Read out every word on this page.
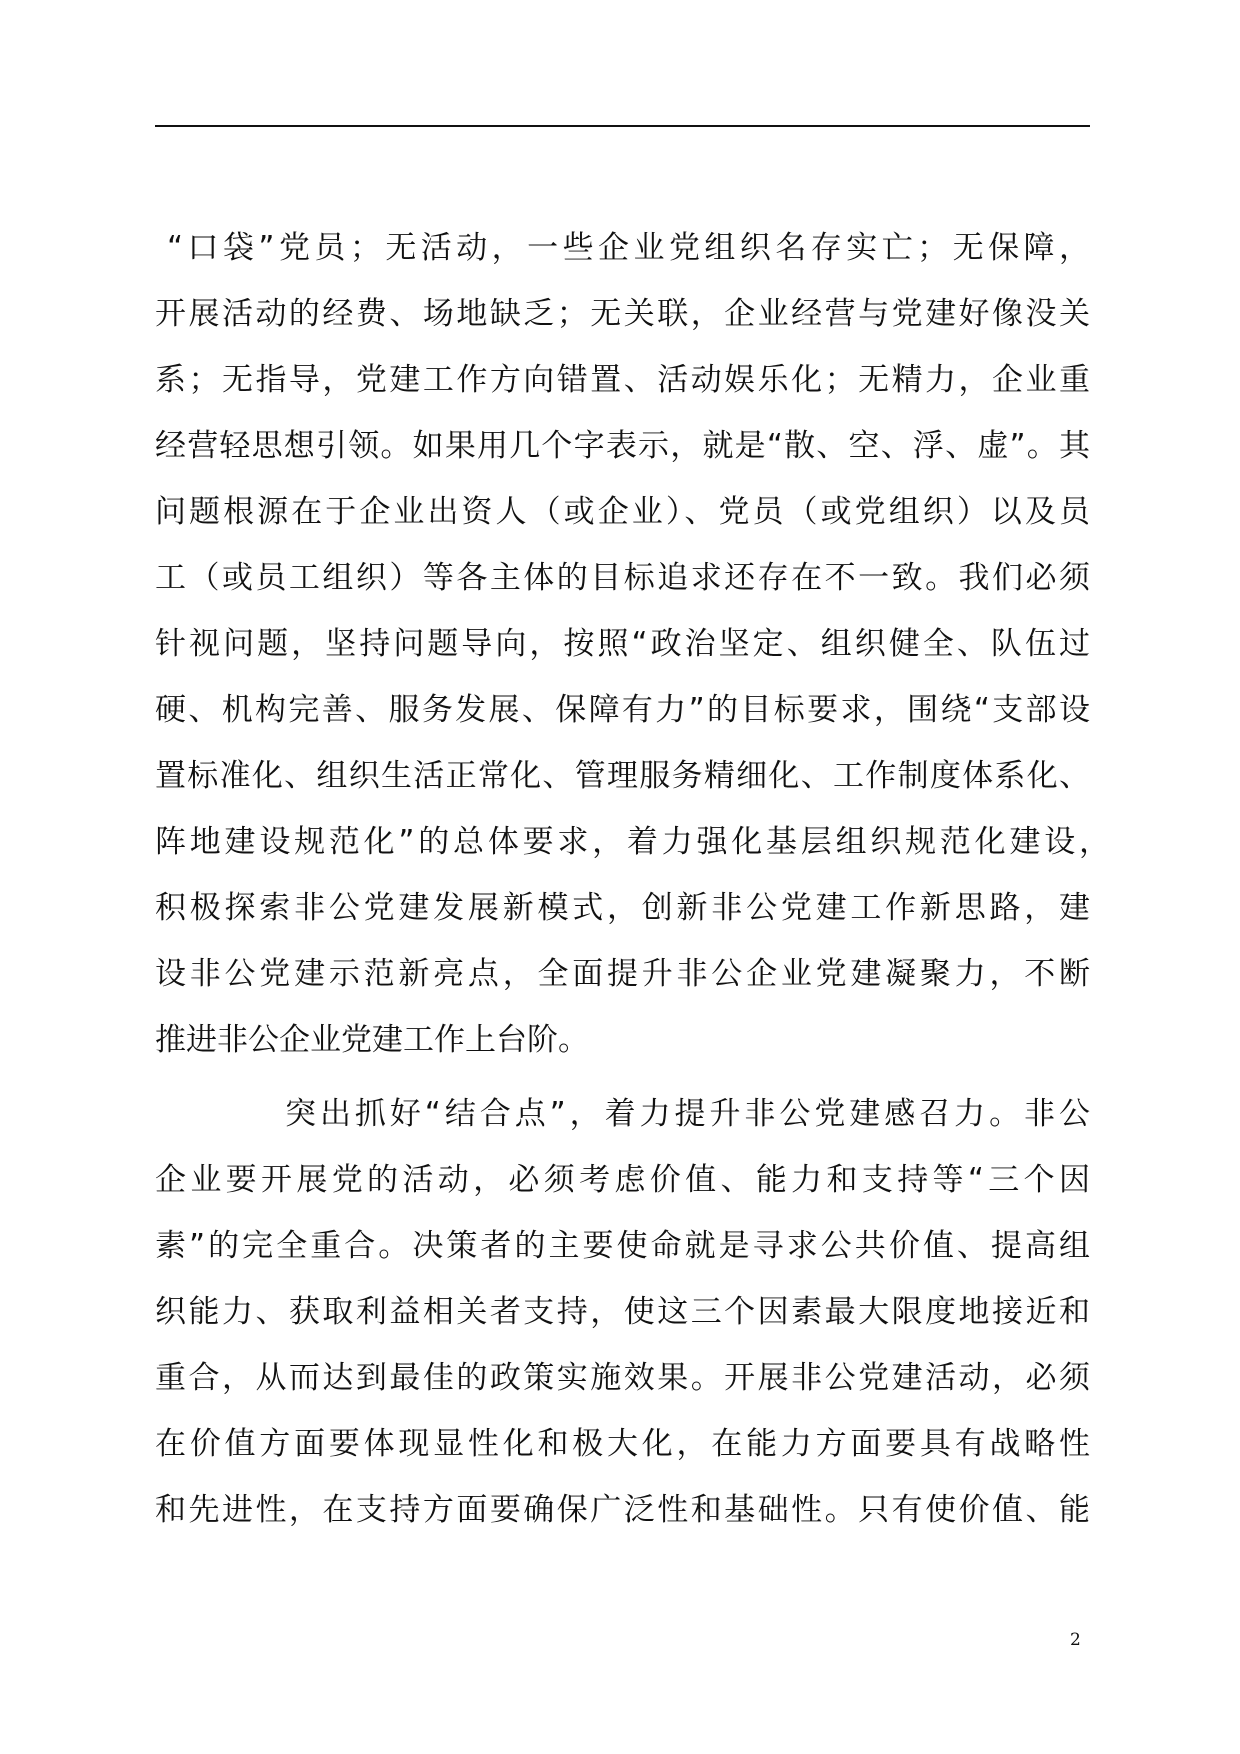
“口袋”党员；无活动，一些企业党组织名存实亡；无保障，
开展活动的经费、场地缺乏；无关联，企业经营与党建好像没关
系；无指导，党建工作方向错置、活动娱乐化；无精力，企业重
经营轻思想引领。如果用几个字表示，就是“散、空、浮、虚”。其
问题根源在于企业出资人（或企业）、党员（或党组织）以及员
工（或员工组织）等各主体的目标追求还存在不一致。我们必须
针视问题，坚持问题导向，按照“政治坚定、组织健全、队伍过
硬、机构完善、服务发展、保障有力”的目标要求，围绕“支部设
置标准化、组织生活正常化、管理服务精细化、工作制度体系化、
阵地建设规范化”的总体要求，着力强化基层组织规范化建设，
积极探索非公党建发展新模式，创新非公党建工作新思路，建
设非公党建示范新亮点，全面提升非公企业党建凝聚力，不断
推进非公企业党建工作上台阶。
突出抓好“结合点”，着力提升非公党建感召力。非公
企业要开展党的活动，必须考虑价值、能力和支持等“三个因
素”的完全重合。决策者的主要使命就是寻求公共价值、提高组
织能力、获取利益相关者支持，使这三个因素最大限度地接近和
重合，从而达到最佳的政策实施效果。开展非公党建活动，必须
在价值方面要体现显性化和极大化，在能力方面要具有战略性
和先进性，在支持方面要确保广泛性和基础性。只有使价值、能
2
